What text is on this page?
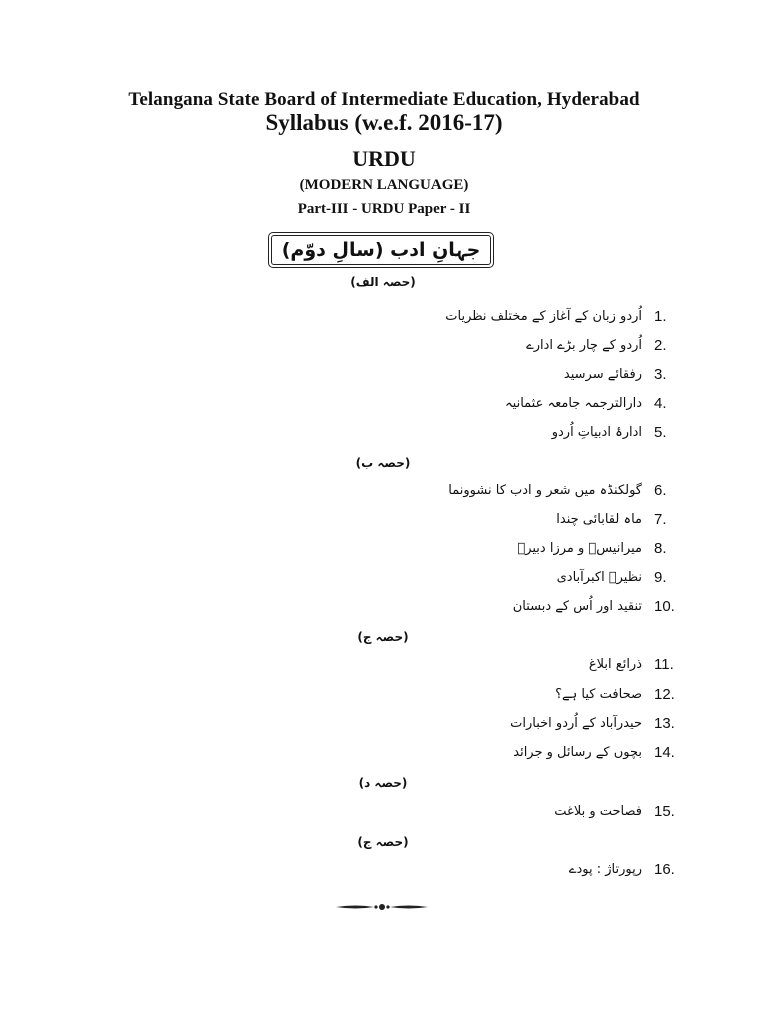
Telangana State Board of Intermediate Education, Hyderabad
Syllabus (w.e.f. 2016-17)
URDU
(MODERN LANGUAGE)
Part-III - URDU Paper - II
جہانِ ادب (سالِ دوّم)
(حصہ الف)
1.
اُردو زبان کے آغاز کے مختلف نظریات
2.
اُردو کے چار بڑے ادارے
3.
رفقائے سرسید
4.
دارالترجمہ جامعہ عثمانیہ
5.
ادارۂ ادبیاتِ اُردو
(حصہ ب)
6.
گولکنڈہ میں شعر و ادب کا نشوونما
7.
ماہ لقابائی چندا
8.
میرانیسؔ و مرزا دبیرؔ
9.
نظیرؔ اکبرآبادی
10.
تنقید اور اُس کے دبستان
(حصہ ج)
11.
ذرائع ابلاغ
12.
صحافت کیا ہے؟
13.
حیدرآباد کے اُردو اخبارات
14.
بچوں کے رسائل و جرائد
(حصہ د)
15.
فصاحت و بلاغت
(حصہ ج)
16.
رپورتاژ : پودے
